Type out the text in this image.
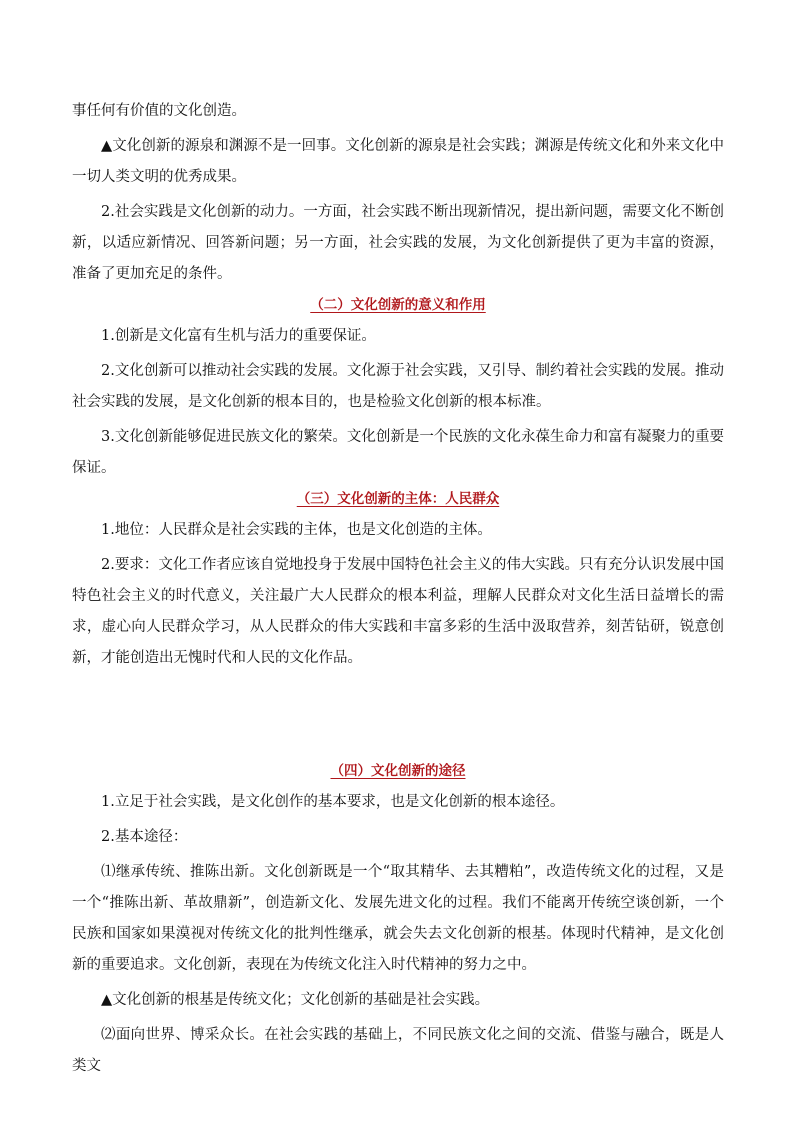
事任何有价值的文化创造。

▲文化创新的源泉和渊源不是一回事。文化创新的源泉是社会实践；渊源是传统文化和外来文化中一切人类文明的优秀成果。

2.社会实践是文化创新的动力。一方面，社会实践不断出现新情况，提出新问题，需要文化不断创新，以适应新情况、回答新问题；另一方面，社会实践的发展，为文化创新提供了更为丰富的资源，准备了更加充足的条件。

（二）文化创新的意义和作用

1.创新是文化富有生机与活力的重要保证。

2.文化创新可以推动社会实践的发展。文化源于社会实践，又引导、制约着社会实践的发展。推动社会实践的发展，是文化创新的根本目的，也是检验文化创新的根本标准。

3.文化创新能够促进民族文化的繁荣。文化创新是一个民族的文化永葆生命力和富有凝聚力的重要保证。

（三）文化创新的主体：人民群众

1.地位：人民群众是社会实践的主体，也是文化创造的主体。

2.要求：文化工作者应该自觉地投身于发展中国特色社会主义的伟大实践。只有充分认识发展中国特色社会主义的时代意义，关注最广大人民群众的根本利益，理解人民群众对文化生活日益增长的需求，虚心向人民群众学习，从人民群众的伟大实践和丰富多彩的生活中汲取营养，刻苦钻研，锐意创新，才能创造出无愧时代和人民的文化作品。

（四）文化创新的途径

1.立足于社会实践，是文化创作的基本要求，也是文化创新的根本途径。

2.基本途径：

⑴继承传统、推陈出新。文化创新既是一个“取其精华、去其糟粕”，改造传统文化的过程，又是一个“推陈出新、革故鼎新”，创造新文化、发展先进文化的过程。我们不能离开传统空谈创新，一个民族和国家如果漠视对传统文化的批判性继承，就会失去文化创新的根基。体现时代精神，是文化创新的重要追求。文化创新，表现在为传统文化注入时代精神的努力之中。

▲文化创新的根基是传统文化；文化创新的基础是社会实践。

⑵面向世界、博采众长。在社会实践的基础上，不同民族文化之间的交流、借鉴与融合，既是人类文
